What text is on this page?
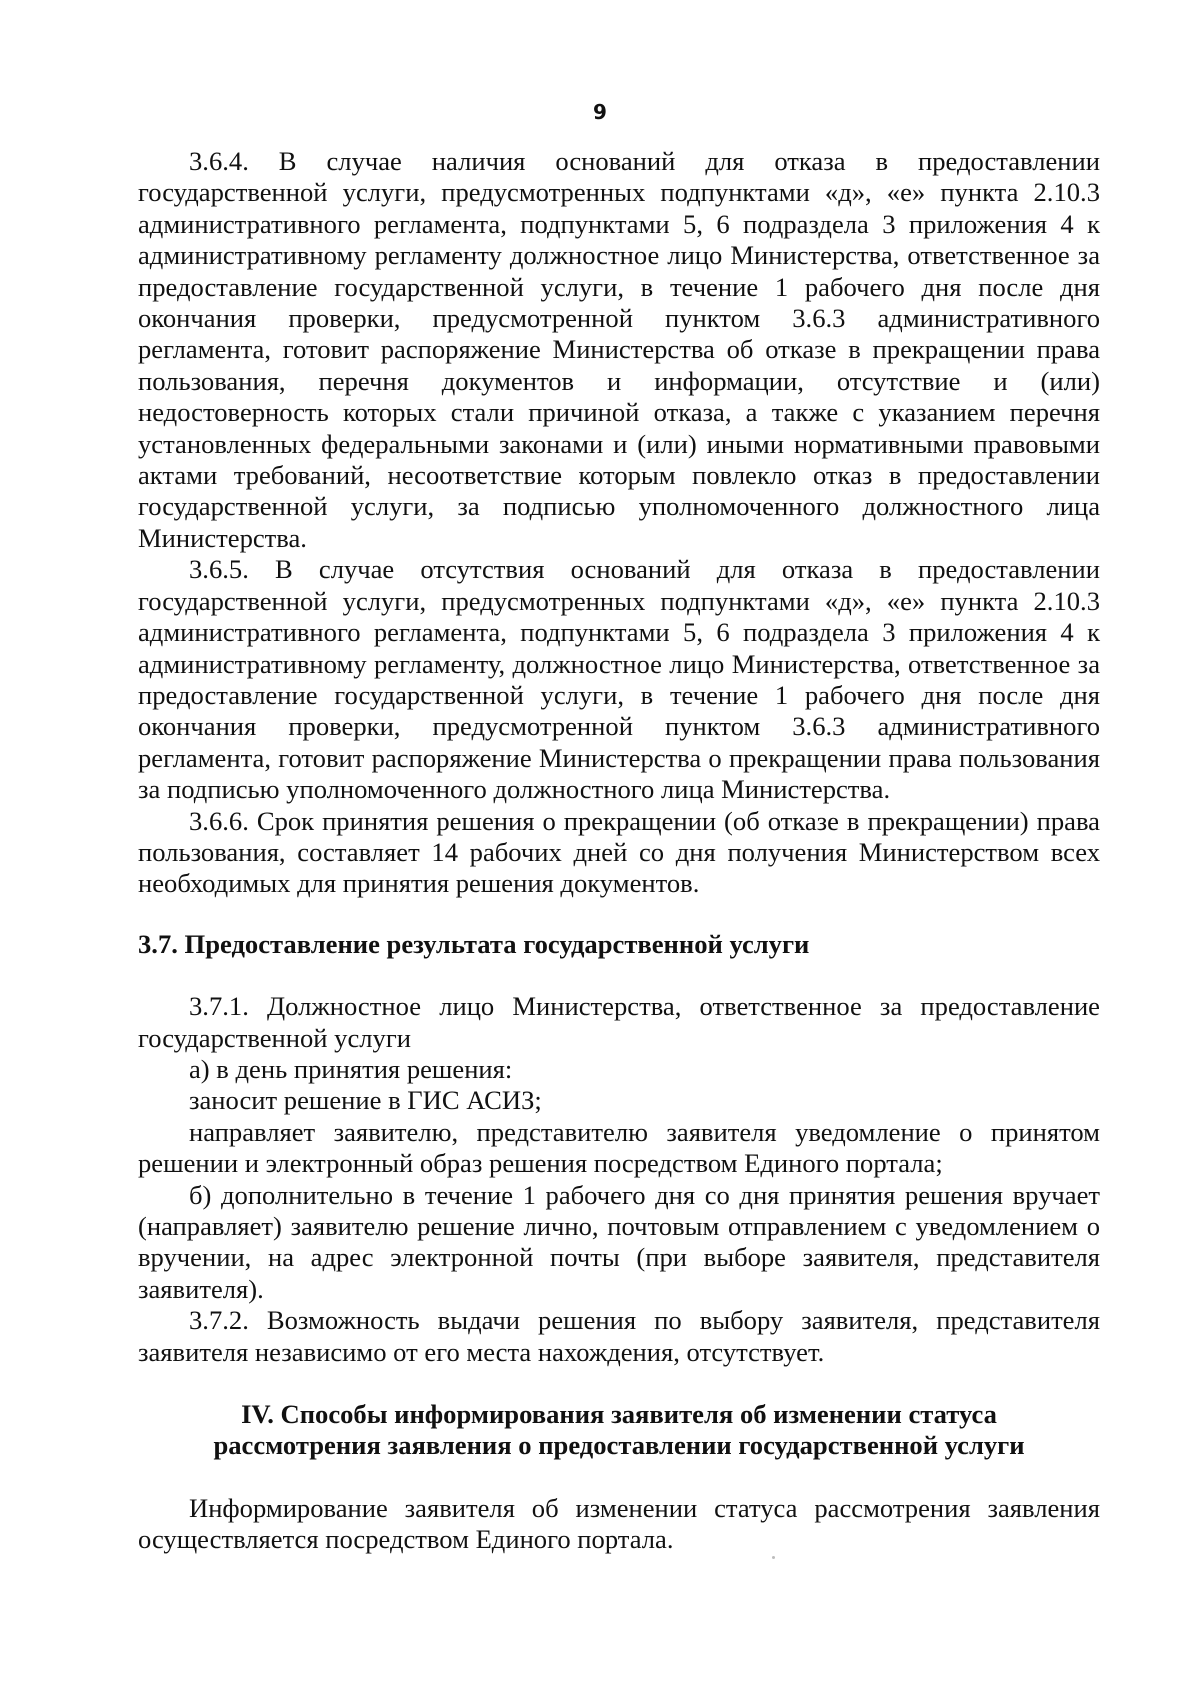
9

3.6.4. В случае наличия оснований для отказа в предоставлении государственной услуги, предусмотренных подпунктами «д», «е» пункта 2.10.3 административного регламента, подпунктами 5, 6 подраздела 3 приложения 4 к административному регламенту должностное лицо Министерства, ответственное за предоставление государственной услуги, в течение 1 рабочего дня после дня окончания проверки, предусмотренной пунктом 3.6.3 административного регламента, готовит распоряжение Министерства об отказе в прекращении права пользования, перечня документов и информации, отсутствие и (или) недостоверность которых стали причиной отказа, а также с указанием перечня установленных федеральными законами и (или) иными нормативными правовыми актами требований, несоответствие которым повлекло отказ в предоставлении государственной услуги, за подписью уполномоченного должностного лица Министерства.

3.6.5. В случае отсутствия оснований для отказа в предоставлении государственной услуги, предусмотренных подпунктами «д», «е» пункта 2.10.3 административного регламента, подпунктами 5, 6 подраздела 3 приложения 4 к административному регламенту, должностное лицо Министерства, ответственное за предоставление государственной услуги, в течение 1 рабочего дня после дня окончания проверки, предусмотренной пунктом 3.6.3 административного регламента, готовит распоряжение Министерства о прекращении права пользования за подписью уполномоченного должностного лица Министерства.

3.6.6. Срок принятия решения о прекращении (об отказе в прекращении) права пользования, составляет 14 рабочих дней со дня получения Министерством всех необходимых для принятия решения документов.

3.7. Предоставление результата государственной услуги

3.7.1. Должностное лицо Министерства, ответственное за предоставление государственной услуги

а) в день принятия решения:

заносит решение в ГИС АСИЗ;

направляет заявителю, представителю заявителя уведомление о принятом решении и электронный образ решения посредством Единого портала;

б) дополнительно в течение 1 рабочего дня со дня принятия решения вручает (направляет) заявителю решение лично, почтовым отправлением с уведомлением о вручении, на адрес электронной почты (при выборе заявителя, представителя заявителя).

3.7.2. Возможность выдачи решения по выбору заявителя, представителя заявителя независимо от его места нахождения, отсутствует.

IV. Способы информирования заявителя об изменении статуса
рассмотрения заявления о предоставлении государственной услуги

Информирование заявителя об изменении статуса рассмотрения заявления осуществляется посредством Единого портала.
